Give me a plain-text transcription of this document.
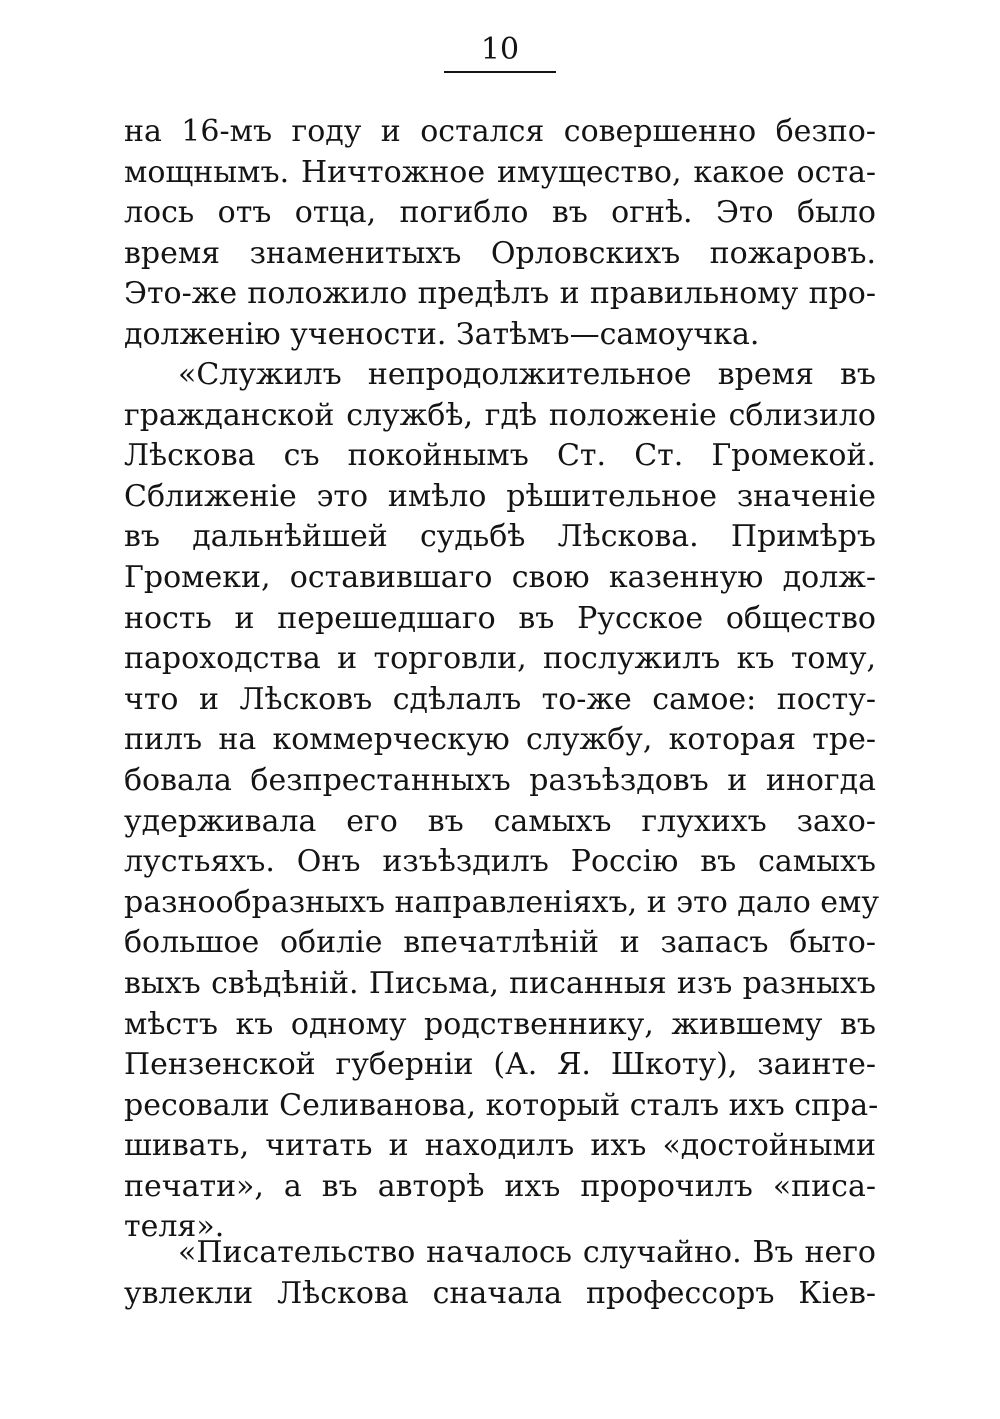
10
на 16-мъ году и остался совершенно безпо-
мощнымъ. Ничтожное имущество, какое оста-
лось отъ отца, погибло въ огнѣ. Это было
время знаменитыхъ Орловскихъ пожаровъ.
Это-же положило предѣлъ и правильному про-
долженію учености. Затѣмъ—самоучка.
«Служилъ непродолжительное время въ
гражданской службѣ, гдѣ положеніе сблизило
Лѣскова съ покойнымъ Ст. Ст. Громекой.
Сближеніе это имѣло рѣшительное значеніе
въ дальнѣйшей судьбѣ Лѣскова. Примѣръ
Громеки, оставившаго свою казенную долж-
ность и перешедшаго въ Русское общество
пароходства и торговли, послужилъ къ тому,
что и Лѣсковъ сдѣлалъ то-же самое: посту-
пилъ на коммерческую службу, которая тре-
бовала безпрестанныхъ разъѣздовъ и иногда
удерживала его въ самыхъ глухихъ захо-
лустьяхъ. Онъ изъѣздилъ Россію въ самыхъ
разнообразныхъ направленіяхъ, и это дало ему
большое обиліе впечатлѣній и запасъ быто-
выхъ свѣдѣній. Письма, писанныя изъ разныхъ
мѣстъ къ одному родственнику, жившему въ
Пензенской губерніи (А. Я. Шкоту), заинте-
ресовали Селиванова, который сталъ ихъ спра-
шивать, читать и находилъ ихъ «достойными
печати», а въ авторѣ ихъ пророчилъ «писа-
теля».
«Писательство началось случайно. Въ него
увлекли Лѣскова сначала профессоръ Кіев-
